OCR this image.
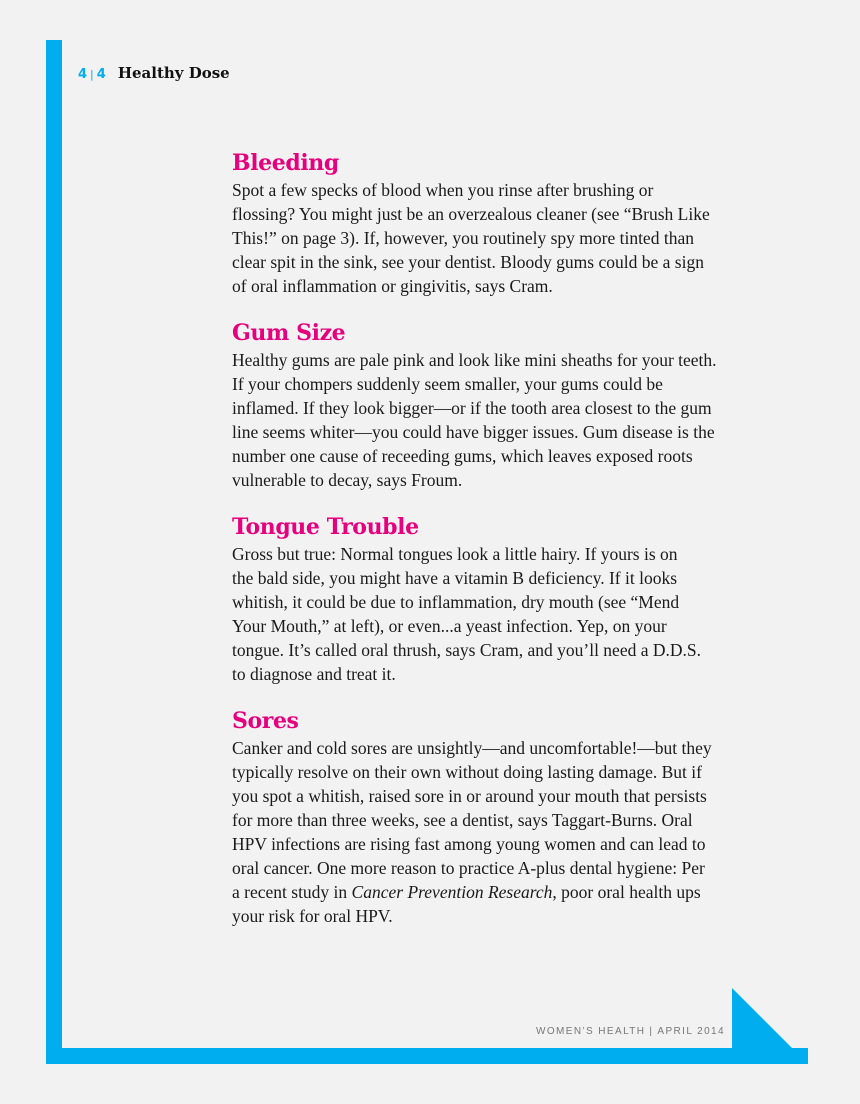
4 | 4 Healthy Dose
Bleeding

Spot a few specks of blood when you rinse after brushing or
flossing? You might just be an overzealous cleaner (see “Brush Like
This!” on page 3). If, however, you routinely spy more tinted than
clear spit in the sink, see your dentist. Bloody gums could be a sign
of oral inflammation or gingivitis, says Cram.

Gum Size

Healthy gums are pale pink and look like mini sheaths for your teeth.
If your chompers suddenly seem smaller, your gums could be
inflamed. If they look bigger—or if the tooth area closest to the gum
line seems whiter—you could have bigger issues. Gum disease is the
number one cause of receeding gums, which leaves exposed roots
vulnerable to decay, says Froum.

Tongue Trouble

Gross but true: Normal tongues look a little hairy. If yours is on
the bald side, you might have a vitamin B deficiency. If it looks
whitish, it could be due to inflammation, dry mouth (see “Mend
Your Mouth,” at left), or even...a yeast infection. Yep, on your
tongue. It’s called oral thrush, says Cram, and you’ll need a D.D.S.
to diagnose and treat it.

Sores

Canker and cold sores are unsightly—and uncomfortable!—but they
typically resolve on their own without doing lasting damage. But if
you spot a whitish, raised sore in or around your mouth that persists
for more than three weeks, see a dentist, says Taggart-Burns. Oral
HPV infections are rising fast among young women and can lead to
oral cancer. One more reason to practice A-plus dental hygiene: Per
a recent study in Cancer Prevention Research, poor oral health ups
your risk for oral HPV.

WOMEN’S HEALTH | APRIL 2014
